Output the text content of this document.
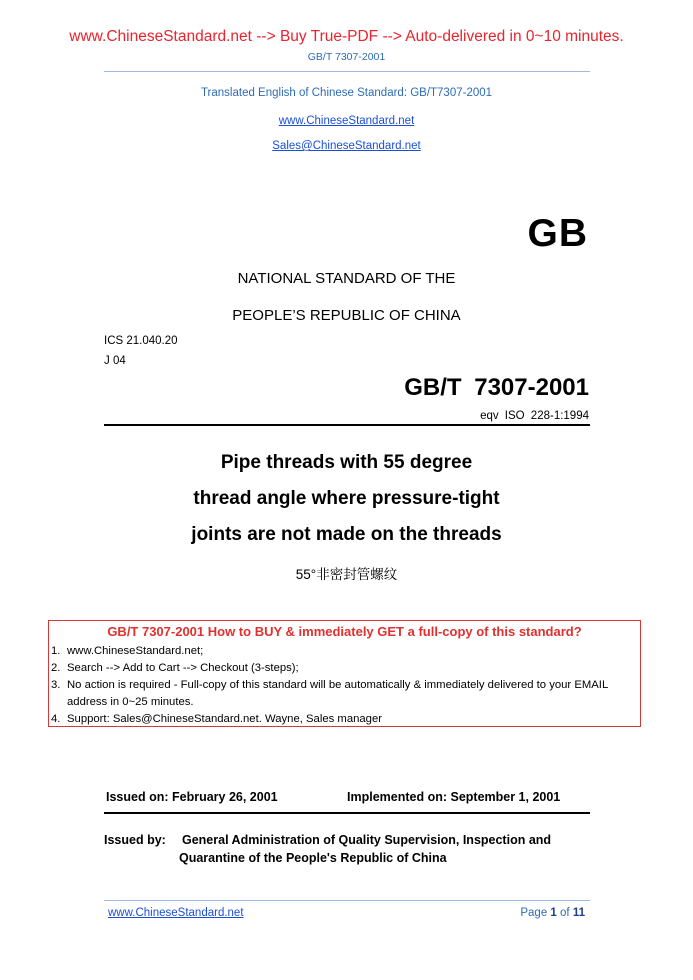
www.ChineseStandard.net --> Buy True-PDF --> Auto-delivered in 0~10 minutes.
GB/T 7307-2001
Translated English of Chinese Standard: GB/T7307-2001
www.ChineseStandard.net
Sales@ChineseStandard.net
GB
NATIONAL STANDARD OF THE
PEOPLE’S REPUBLIC OF CHINA
ICS 21.040.20
J 04
GB/T 7307-2001
eqv ISO 228-1:1994
Pipe threads with 55 degree
thread angle where pressure-tight
joints are not made on the threads
55°非密封管螺纹
GB/T 7307-2001 How to BUY & immediately GET a full-copy of this standard?
1. www.ChineseStandard.net;
2. Search --> Add to Cart --> Checkout (3-steps);
3. No action is required - Full-copy of this standard will be automatically & immediately delivered to your EMAIL address in 0~25 minutes.
4. Support: Sales@ChineseStandard.net. Wayne, Sales manager
Issued on: February 26, 2001	Implemented on: September 1, 2001
Issued by: General Administration of Quality Supervision, Inspection and
Quarantine of the People's Republic of China
www.ChineseStandard.net	Page 1 of 11
